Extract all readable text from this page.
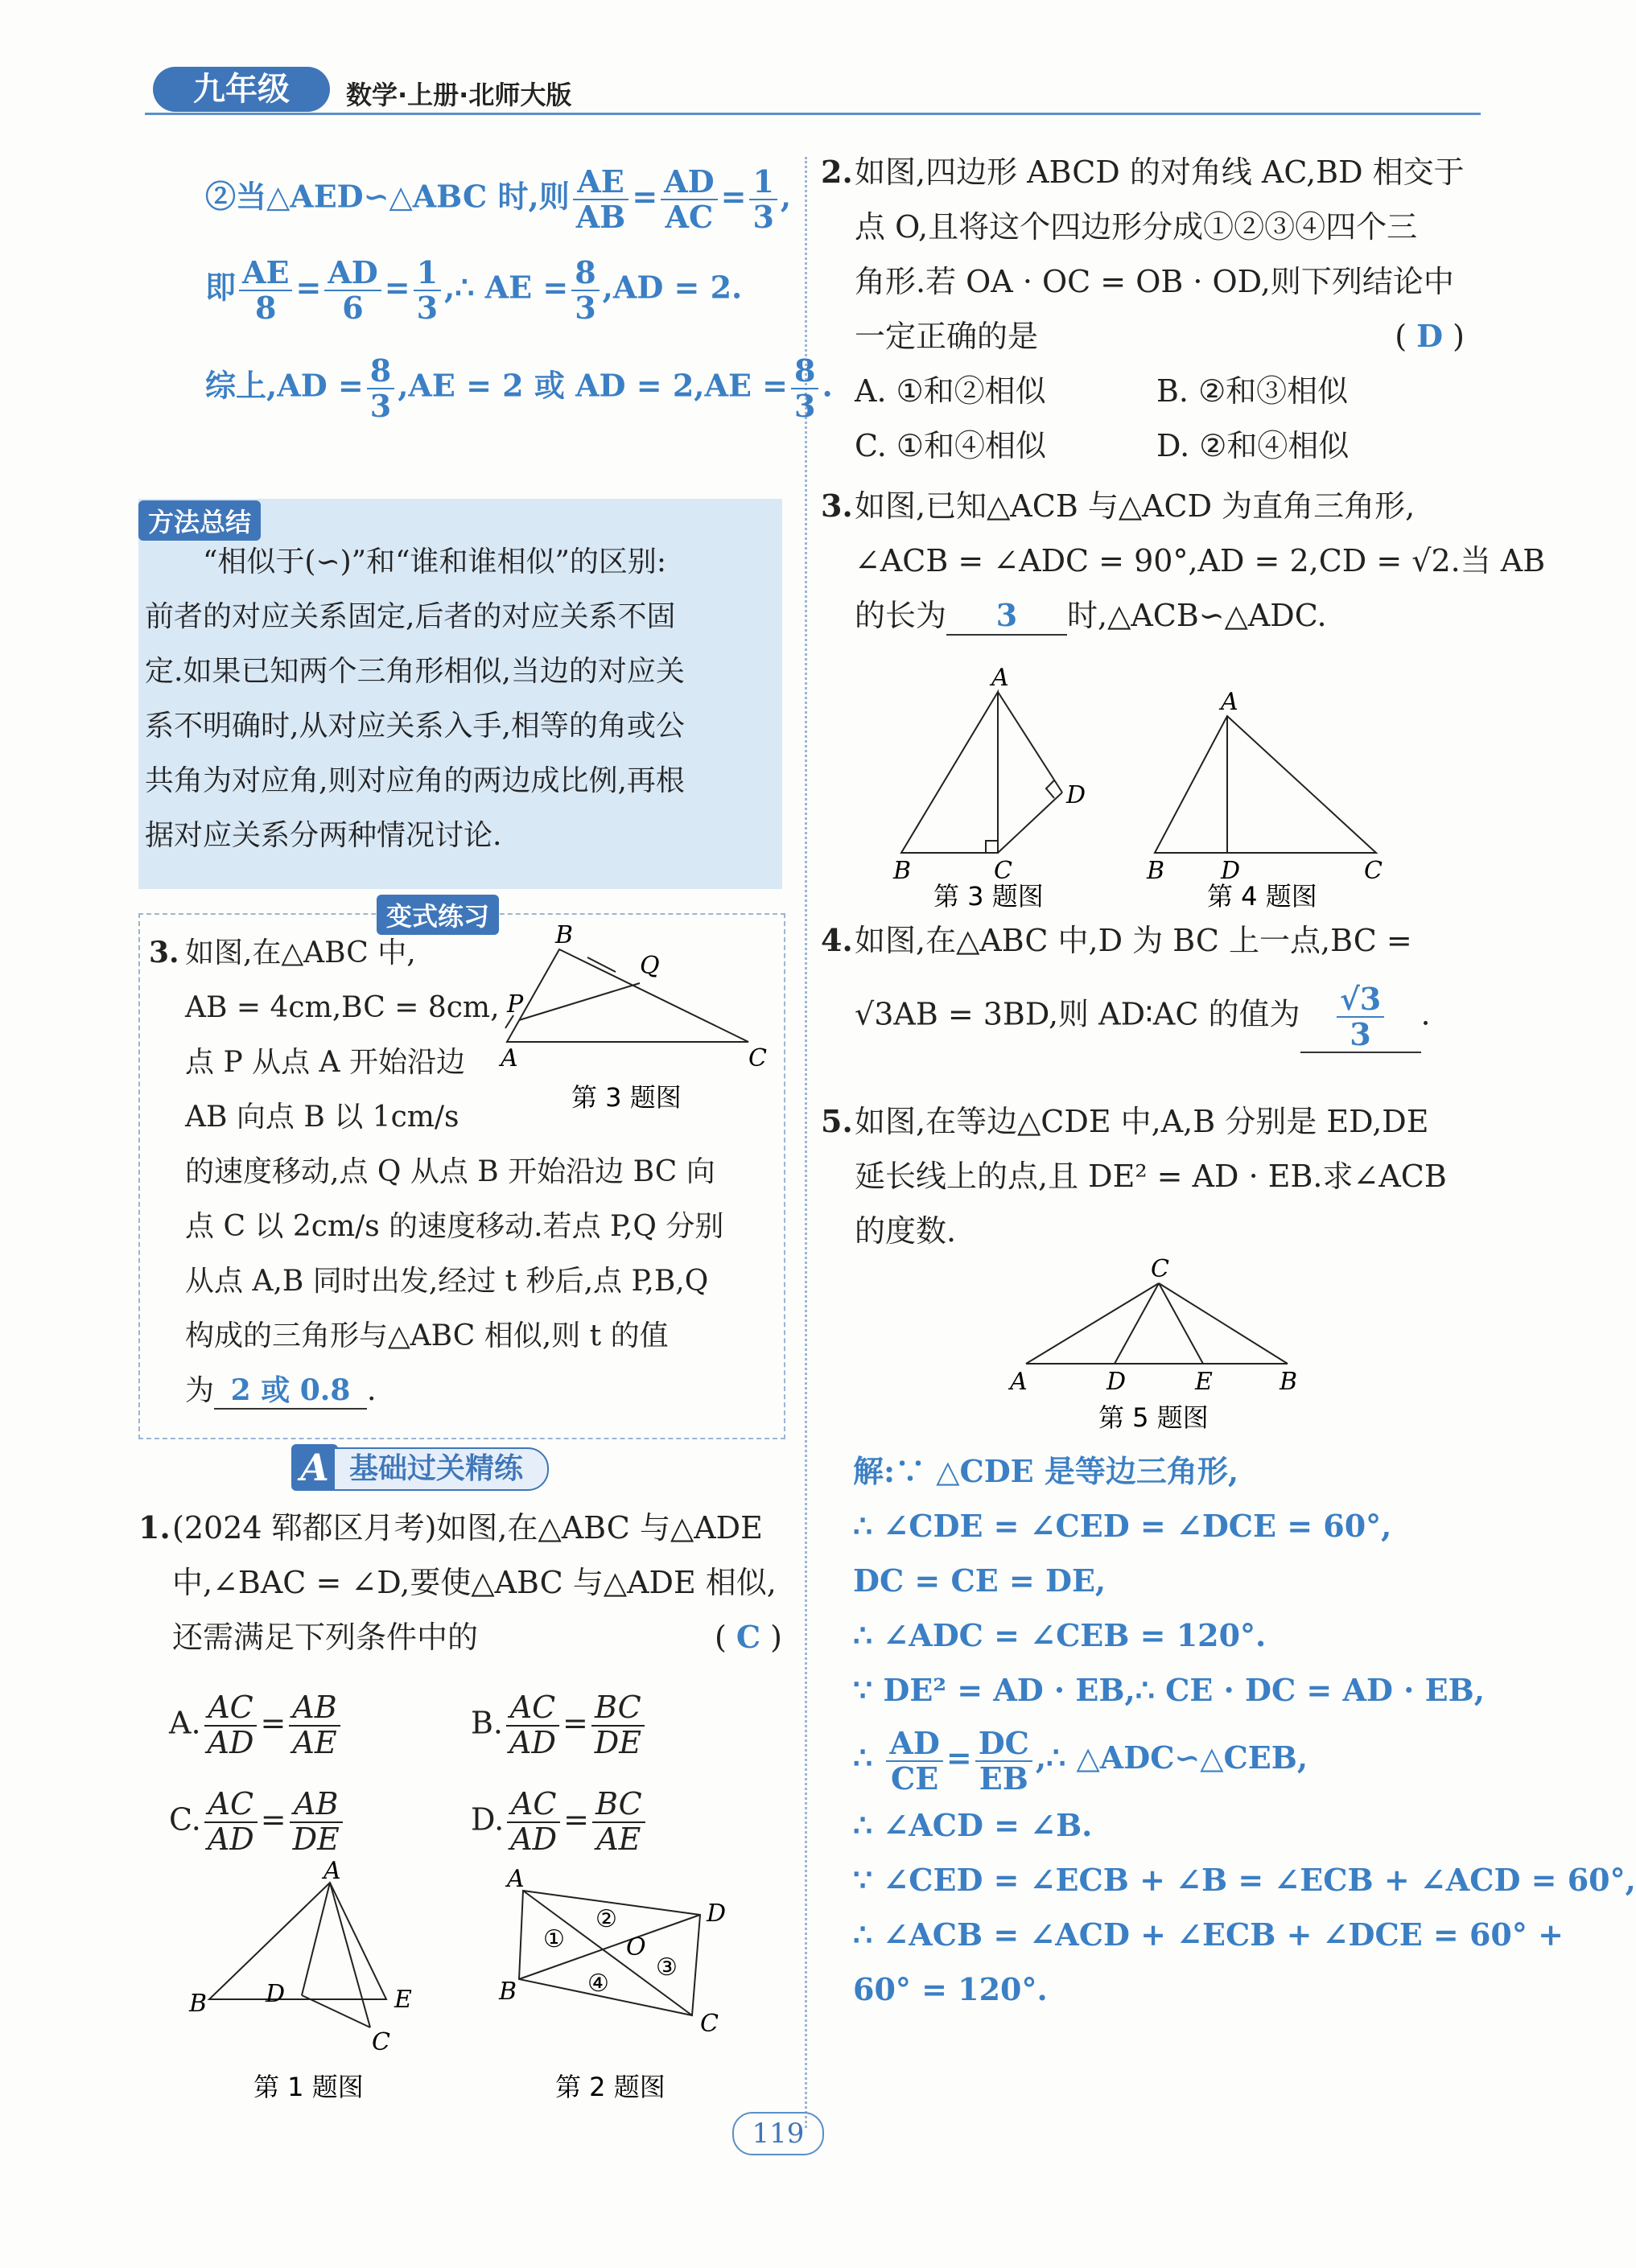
九年级	数学·上册·北师大版
②当△AED∽△ABC 时,则 $\frac{AE}{AB} = \frac{AD}{AC} = \frac{1}{3}$ ,
即 $\frac{AE}{8} = \frac{AD}{6} = \frac{1}{3}$ ,∴ AE = $\frac{8}{3} ,AD = 2$.
综上$,AD = \frac{8}{3} ,AE = 2$ 或 AD = $2,AE = \frac{8}{3}$ .
方法总结
“相似于(∽)”和“谁和谁相似”的区别:
前者的对应关系固定,后者的对应关系不固
定.如果已知两个三角形相似,当边的对应关
系不明确时,从对应关系入手,相等的角或公
共角为对应角,则对应角的两边成比例,再根
据对应关系分两种情况讨论.
变式练习
3. 如图,在△ABC 中,
AB = 4cm,BC = 8cm,
点 P 从点 A 开始沿边
AB 向点 B 以 1cm/s
的速度移动,点 Q 从点 B 开始沿边 BC 向
点 C 以 2cm/s 的速度移动.若点 P,Q 分别
从点 A,B 同时出发,经过 t 秒后,点 P,B,Q
构成的三角形与△ABC 相似,则 t 的值
为 2 或 0.8 .
B
Q
P
A	C
第 3 题图
A 基础过关精练
1.(2024 郓都区月考)如图,在△ABC 与△ADE
中,∠BAC = ∠D,要使△ABC 与△ADE 相似,
还需满足下列条件中的	( C )
A. $\frac{AC}{AD} = \frac{AB}{AE}$	B. $\frac{AC}{AD} = \frac{BC}{DE}$
C. $\frac{AC}{AD} = \frac{AB}{DE}$	D. $\frac{AC}{AD} = \frac{BC}{AE}$
A
B D	E
C
第 1 题图
A
D
B
C
O
①
②
③
④
第 2 题图
2.如图,四边形 ABCD 的对角线 AC,BD 相交于
点 O,且将这个四边形分成①②③④四个三
角形.若 OA · OC = OB · OD,则下列结论中
一定正确的是	( D )
A. ①和②相似	B. ②和③相似
C. ①和④相似	D. ②和④相似
3.如图,已知△ACB 与△ACD 为直角三角形,
∠ACB = ∠ADC = 90°,AD = 2,CD = √2.当 AB
的长为 3 时,△ACB∽△ADC.
A
D
B	C
第 3 题图
A
B D	C
第 4 题图
4.如图,在△ABC 中,D 为 BC 上一点,BC =
√3AB = 3BD,则 AD∶AC 的值为 $\frac{√3}{3}$ .
5.如图,在等边△CDE 中,A,B 分别是 ED,DE
延长线上的点,且 DE² = AD · EB.求∠ACB
的度数.
C
A	D	E	B
第 5 题图
解:∵ △CDE 是等边三角形,
∴ ∠CDE = ∠CED = ∠DCE = 60°,
DC = CE = DE,
∴ ∠ADC = ∠CEB = 120°.
∵ DE² = AD · EB,∴ CE · DC = AD · EB,
∴ $\frac{AD}{CE} = \frac{DC}{EB}$ ,∴ △ADC∽△CEB,
∴ ∠ACD = ∠B.
∵ ∠CED = ∠ECB + ∠B = ∠ECB + ∠ACD = 60°,
∴ ∠ACB = ∠ACD + ∠ECB + ∠DCE = 60° +
60° = 120°.
119
